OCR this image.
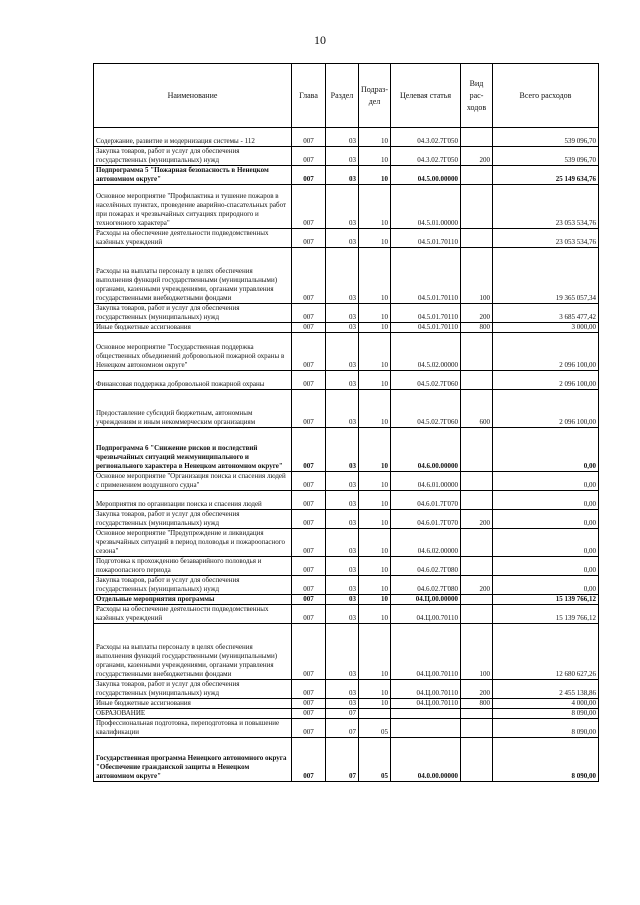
10
Наименование	Глава	Раздел	Подраз- дел	Целевая статья	Вид рас- ходов	Всего расходов
Содержание, развитие и модернизация системы - 112	007	03	10	04.3.02.7Г050		539 096,70
Закупка товаров, работ и услуг для обеспечения государственных (муниципальных) нужд	007	03	10	04.3.02.7Г050	200	539 096,70
Подпрограмма 5 "Пожарная безопасность в Ненецком автономном округе"	007	03	10	04.5.00.00000		25 149 634,76
Основное мероприятие "Профилактика и тушение пожаров в населённых пунктах, проведение аварийно-спасательных работ при пожарах и чрезвычайных ситуациях природного и техногенного характера"	007	03	10	04.5.01.00000		23 053 534,76
Расходы на обеспечение деятельности подведомственных казённых учреждений	007	03	10	04.5.01.70110		23 053 534,76
Расходы на выплаты персоналу в целях обеспечения выполнения функций государственными (муниципальными) органами, казенными учреждениями, органами управления государственными внебюджетными фондами	007	03	10	04.5.01.70110	100	19 365 057,34
Закупка товаров, работ и услуг для обеспечения государственных (муниципальных) нужд	007	03	10	04.5.01.70110	200	3 685 477,42
Иные бюджетные ассигнования	007	03	10	04.5.01.70110	800	3 000,00
Основное мероприятие "Государственная поддержка общественных объединений добровольной пожарной охраны в Ненецком автономном округе"	007	03	10	04.5.02.00000		2 096 100,00
Финансовая поддержка добровольной пожарной охраны	007	03	10	04.5.02.7Г060		2 096 100,00
Предоставление субсидий бюджетным, автономным учреждениям и иным некоммерческим организациям	007	03	10	04.5.02.7Г060	600	2 096 100,00
Подпрограмма 6 "Снижение рисков и последствий чрезвычайных ситуаций межмуниципального и регионального характера в Ненецком автономном округе"	007	03	10	04.6.00.00000		0,00
Основное мероприятие "Организация поиска и спасения людей с применением воздушного судна"	007	03	10	04.6.01.00000		0,00
Мероприятия по организации поиска и спасения людей	007	03	10	04.6.01.7Г070		0,00
Закупка товаров, работ и услуг для обеспечения государственных (муниципальных) нужд	007	03	10	04.6.01.7Г070	200	0,00
Основное мероприятие "Предупреждение и ликвидация чрезвычайных ситуаций в период половодья и пожароопасного сезона"	007	03	10	04.6.02.00000		0,00
Подготовка к прохождению безаварийного половодья и пожароопасного периода	007	03	10	04.6.02.7Г080		0,00
Закупка товаров, работ и услуг для обеспечения государственных (муниципальных) нужд	007	03	10	04.6.02.7Г080	200	0,00
Отдельные мероприятия программы	007	03	10	04.Ц.00.00000		15 139 766,12
Расходы на обеспечение деятельности подведомственных казённых учреждений	007	03	10	04.Ц.00.70110		15 139 766,12
Расходы на выплаты персоналу в целях обеспечения выполнения функций государственными (муниципальными) органами, казенными учреждениями, органами управления государственными внебюджетными фондами	007	03	10	04.Ц.00.70110	100	12 680 627,26
Закупка товаров, работ и услуг для обеспечения государственных (муниципальных) нужд	007	03	10	04.Ц.00.70110	200	2 455 138,86
Иные бюджетные ассигнования	007	03	10	04.Ц.00.70110	800	4 000,00
ОБРАЗОВАНИЕ	007	07				8 090,00
Профессиональная подготовка, переподготовка и повышение квалификации	007	07	05			8 090,00
Государственная программа Ненецкого автономного округа "Обеспечение гражданской защиты в Ненецком автономном округе"	007	07	05	04.0.00.00000		8 090,00
